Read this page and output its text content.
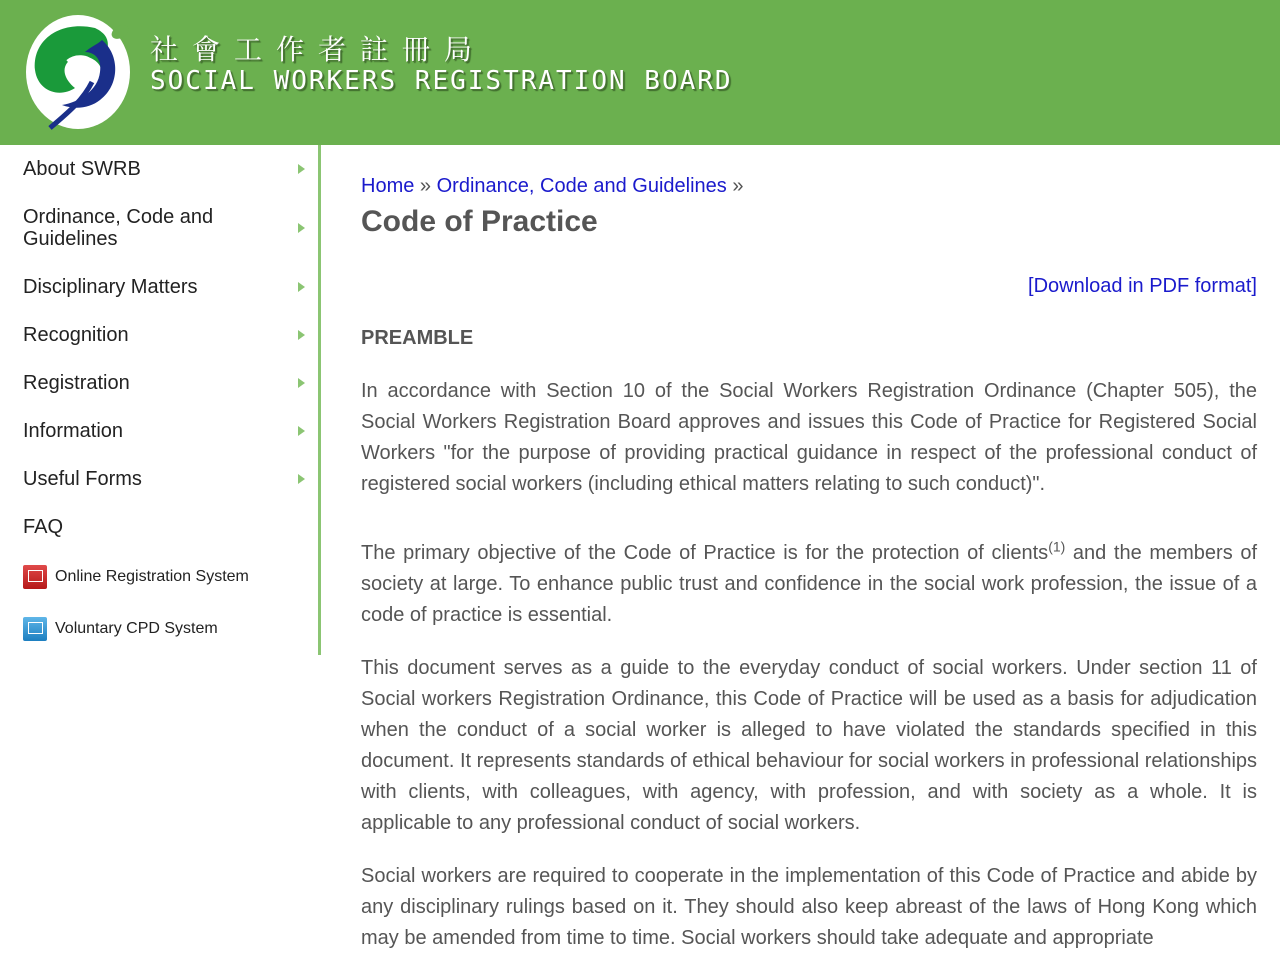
社會工作者註冊局
SOCIAL WORKERS REGISTRATION BOARD
About SWRB
Ordinance, Code and Guidelines
Disciplinary Matters
Recognition
Registration
Information
Useful Forms
FAQ
Online Registration System
Voluntary CPD System
Home » Ordinance, Code and Guidelines »
Code of Practice
[Download in PDF format]
PREAMBLE

In accordance with Section 10 of the Social Workers Registration Ordinance (Chapter 505), the Social Workers Registration Board approves and issues this Code of Practice for Registered Social Workers "for the purpose of providing practical guidance in respect of the professional conduct of registered social workers (including ethical matters relating to such conduct)".

The primary objective of the Code of Practice is for the protection of clients$^{(1)}$ and the members of society at large. To enhance public trust and confidence in the social work profession, the issue of a code of practice is essential.

This document serves as a guide to the everyday conduct of social workers. Under section 11 of Social workers Registration Ordinance, this Code of Practice will be used as a basis for adjudication when the conduct of a social worker is alleged to have violated the standards specified in this document. It represents standards of ethical behaviour for social workers in professional relationships with clients, with colleagues, with agency, with profession, and with society as a whole. It is applicable to any professional conduct of social workers.

Social workers are required to cooperate in the implementation of this Code of Practice and abide by any disciplinary rulings based on it. They should also keep abreast of the laws of Hong Kong which may be amended from time to time. Social workers should take adequate and appropriate
